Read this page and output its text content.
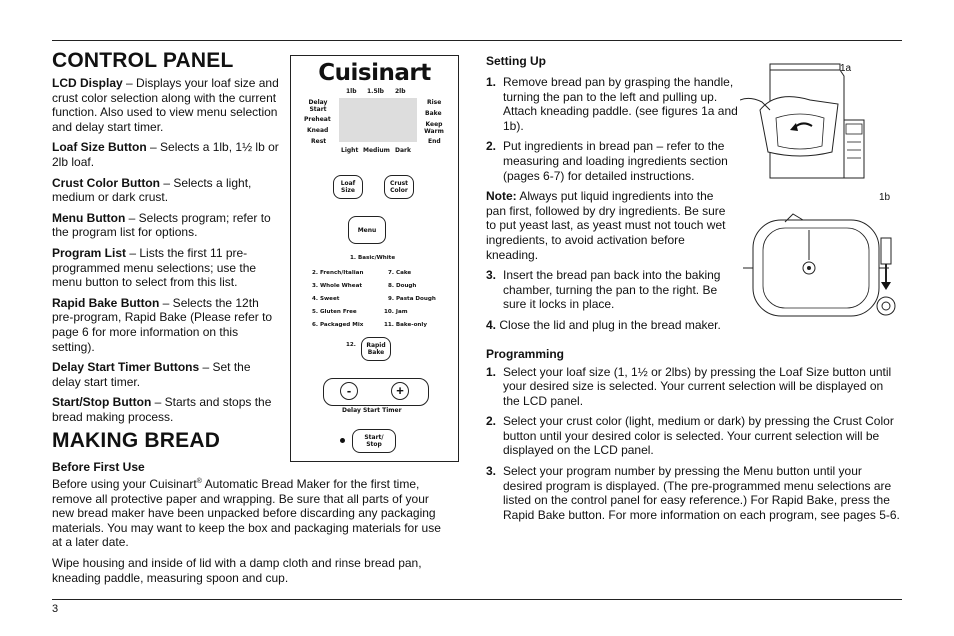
3
CONTROL PANEL

LCD Display – Displays your loaf size and crust color selection along with the current function. Also used to view menu selection and delay start timer.

Loaf Size Button – Selects a 1lb, 1½ lb or 2lb loaf.

Crust Color Button – Selects a light, medium or dark crust.

Menu Button – Selects program; refer to the program list for options.

Program List – Lists the first 11 pre-programmed menu selections; use the menu button to select from this list.

Rapid Bake Button – Selects the 12th pre-program, Rapid Bake (Please refer to page 6 for more information on this setting).

Delay Start Timer Buttons – Set the delay start timer.

Start/Stop Button – Starts and stops the bread making process.

MAKING BREAD
Before First Use

Before using your Cuisinart® Automatic Bread Maker for the first time, remove all protective paper and wrapping. Be sure that all parts of your new bread maker have been unpacked before discarding any packaging materials. You may want to keep the box and packaging materials for use at a later date.

Wipe housing and inside of lid with a damp cloth and rinse bread pan, kneading paddle, measuring spoon and cup.

Cuisinart
1lb 1.5lb 2lb
Delay Start
Preheat
Knead
Rest
Rise
Bake
Keep Warm
End
Light Medium Dark
Loaf Size
Crust Color
Menu
1. Basic/White
2. French/Italian
3. Whole Wheat
4. Sweet
5. Gluten Free
6. Packaged Mix
7. Cake
8. Dough
9. Pasta Dough
10. Jam
11. Bake-only
12.	Rapid Bake
-	+
Delay Start Timer
Start/ Stop
Setting Up
1. Remove bread pan by grasping the handle, turning the pan to the left and pulling up. Attach kneading paddle. (see figures 1a and 1b).
2. Put ingredients in bread pan – refer to the measuring and loading ingredients section (pages 6-7) for detailed instructions.

Note: Always put liquid ingredients into the pan first, followed by dry ingredients. Be sure to put yeast last, as yeast must not touch wet ingredients, to avoid activation before kneading.

3. Insert the bread pan back into the baking chamber, turning the pan to the right. Be sure it locks in place.

4. Close the lid and plug in the bread maker.

Programming
1. Select your loaf size (1, 1½ or 2lbs) by pressing the Loaf Size button until your desired size is selected. Your current selection will be displayed on the LCD panel.
2. Select your crust color (light, medium or dark) by pressing the Crust Color button until your desired color is selected. Your current selection will be displayed on the LCD panel.
3. Select your program number by pressing the Menu button until your desired program is displayed. (The pre-programmed menu selections are listed on the control panel for easy reference.) For Rapid Bake, press the Rapid Bake button. For more information on each program, see pages 5-6.
1a
1b
